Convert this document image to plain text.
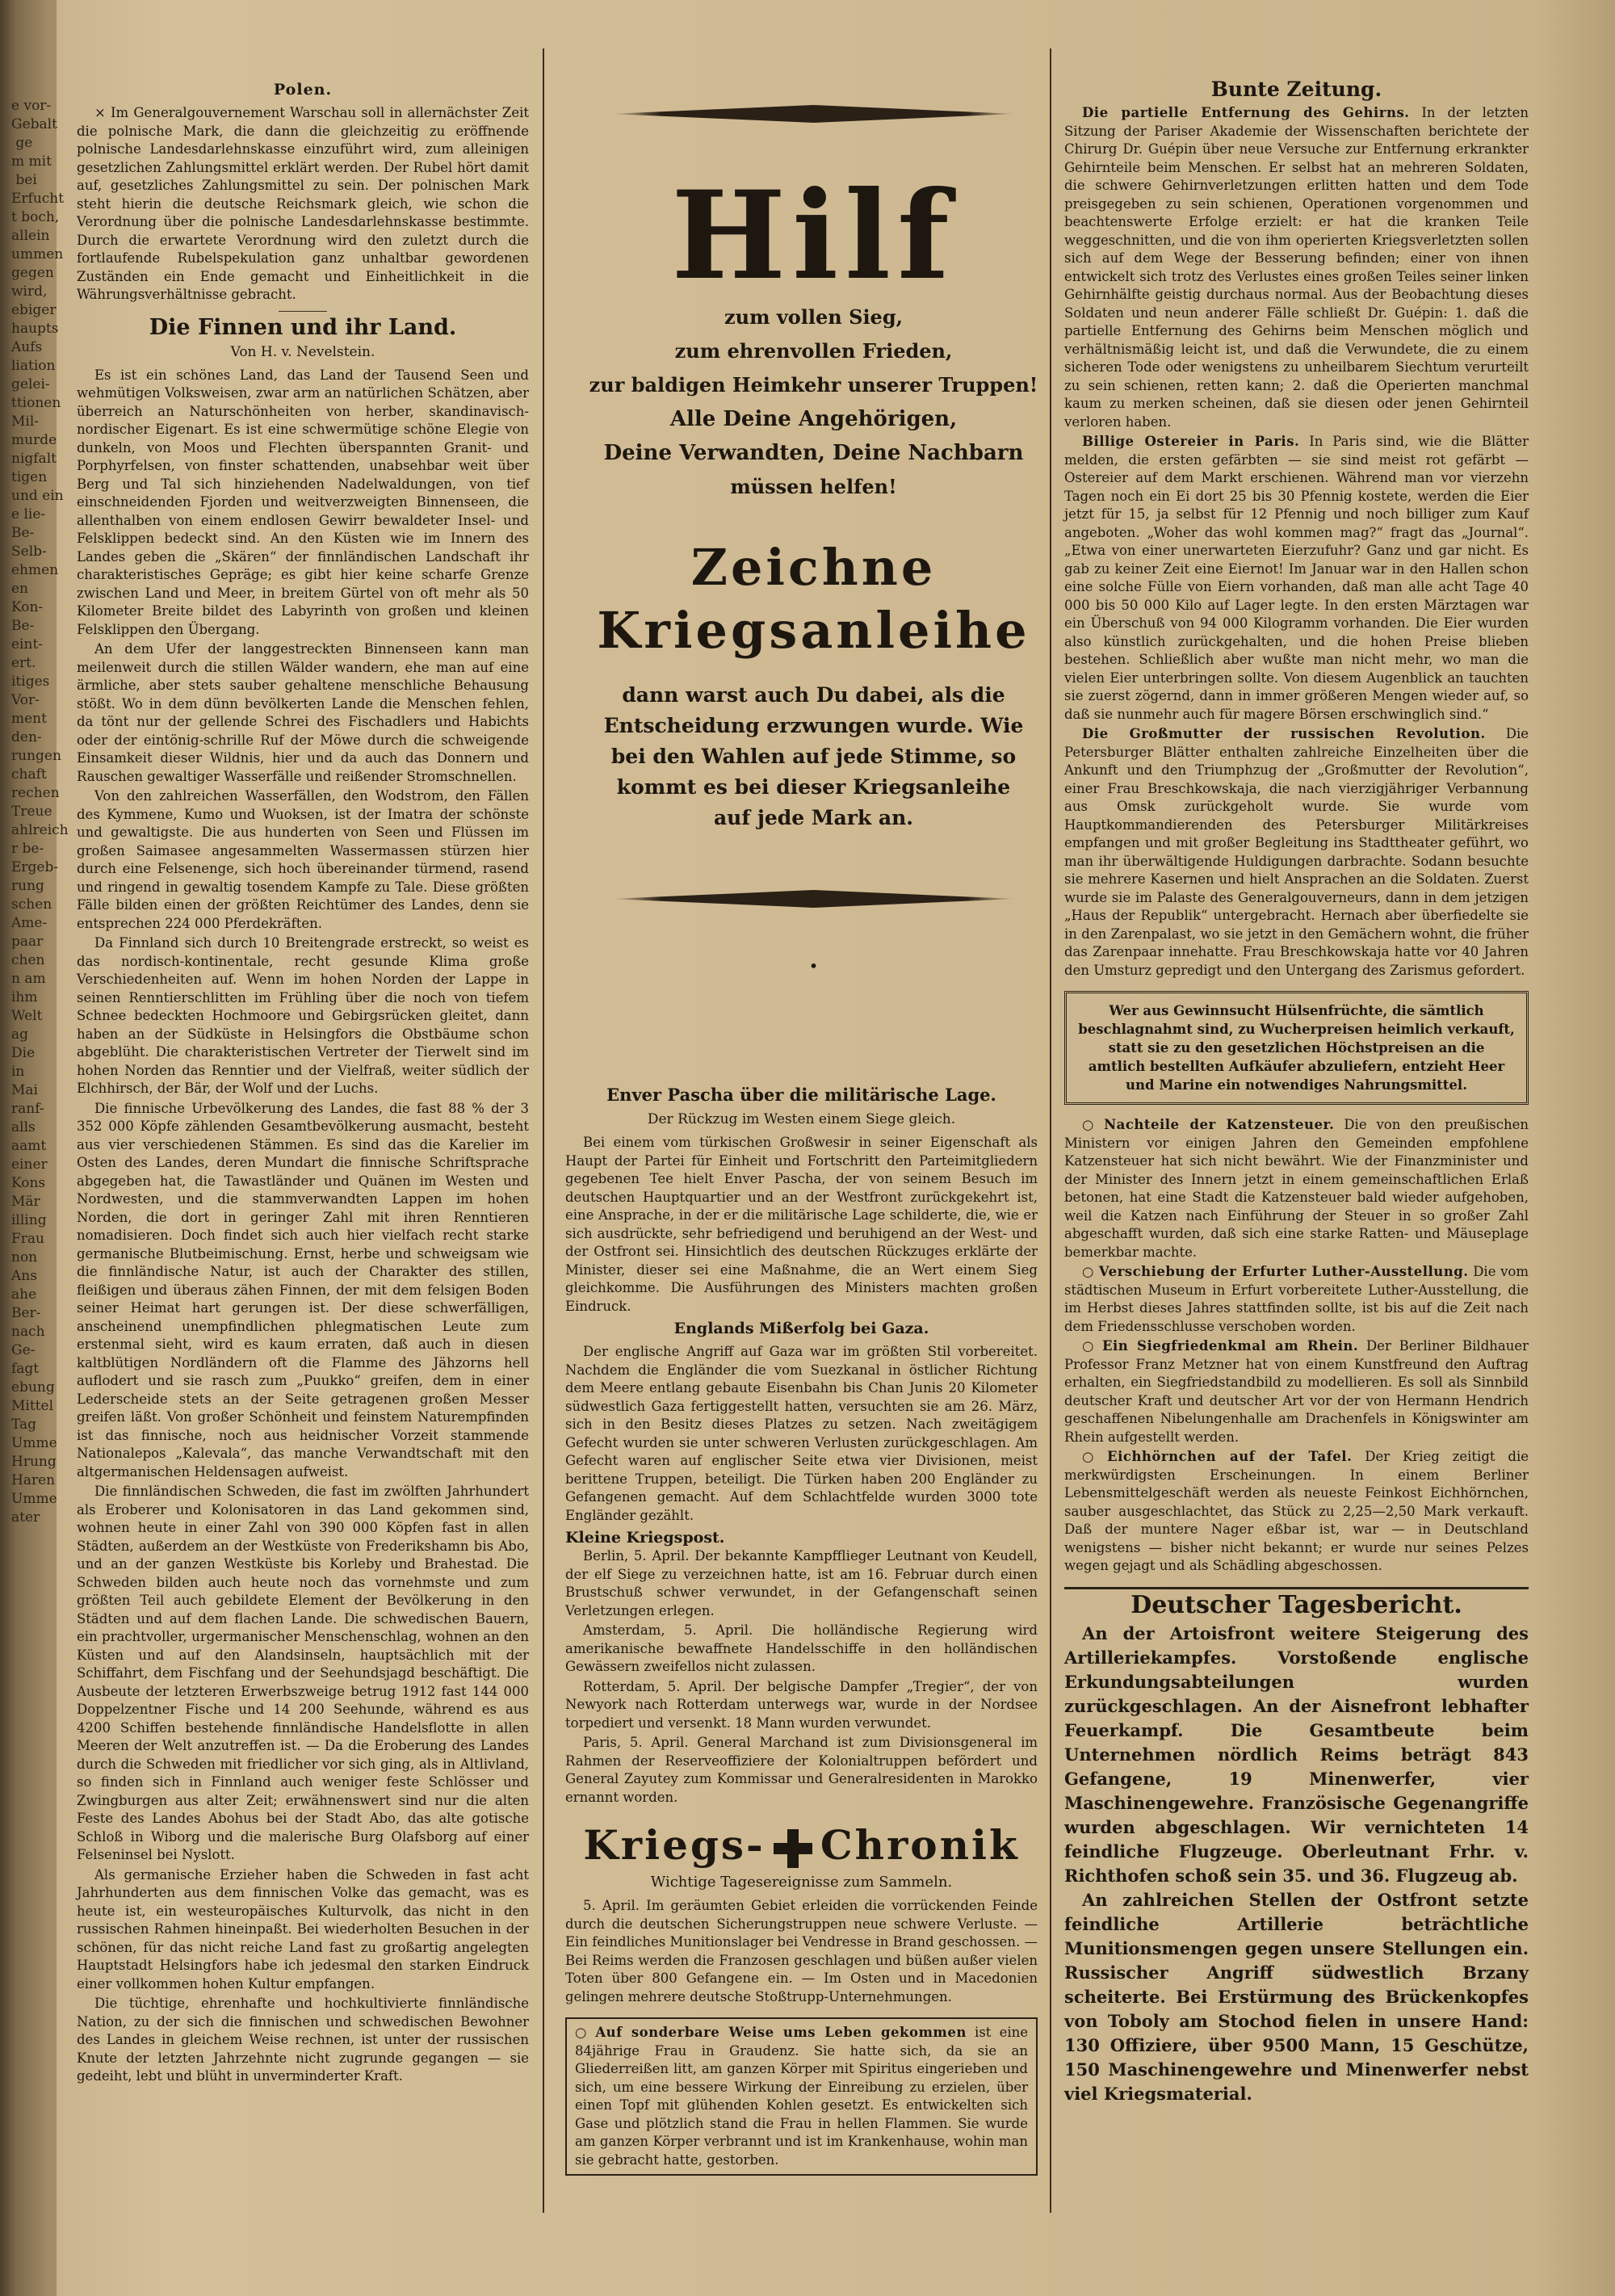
e vor-
Gebalt
ge
m mit
bei
Erfucht
t boch,
allein
ummen
gegen
wird,
ebiger
haupts
Aufs
liation
gelei-
ttionen
Mil-
murde
nigfalt
tigen
und ein
e lie-
Be-
Selb-
ehmen
en
Kon-
Be-
eint-
ert.
itiges
Vor-
ment
den-
rungen
chaft
rechen
Treue
ahlreich
r be-
Ergeb-
rung
schen
Ame-
paar
chen
n am
ihm
Welt
ag
Die
in
Mai
ranf-
alls
aamt
einer
Kons
Mär
illing
Frau
non
Ans
ahe
Ber-
nach
Ge-
fagt
ebung
Mittel
Tag
Umme
Hrung
Haren
Umme
ater
Polen.

× Im Generalgouvernement Warschau soll in allernächster Zeit die polnische Mark, die dann die gleichzeitig zu eröffnende polnische Landesdarlehnskasse einzuführt wird, zum alleinigen gesetzlichen Zahlungsmittel erklärt werden. Der Rubel hört damit auf, gesetzliches Zahlungsmittel zu sein. Der polnischen Mark steht hierin die deutsche Reichsmark gleich, wie schon die Verordnung über die polnische Landesdarlehnskasse bestimmte. Durch die erwartete Verordnung wird den zuletzt durch die fortlaufende Rubelspekulation ganz unhaltbar gewordenen Zuständen ein Ende gemacht und Einheitlichkeit in die Währungsverhältnisse gebracht.

Die Finnen und ihr Land.
Von H. v. Nevelstein.

Es ist ein schönes Land, das Land der Tausend Seen und wehmütigen Volksweisen, zwar arm an natürlichen Schätzen, aber überreich an Naturschönheiten von herber, skandinavisch-nordischer Eigenart. Es ist eine schwermütige schöne Elegie von dunkeln, von Moos und Flechten überspannten Granit- und Porphyrfelsen, von finster schattenden, unabsehbar weit über Berg und Tal sich hinziehenden Nadelwaldungen, von tief einschneidenden Fjorden und weitverzweigten Binnenseen, die allenthalben von einem endlosen Gewirr bewaldeter Insel- und Felsklippen bedeckt sind. An den Küsten wie im Innern des Landes geben die „Skären“ der finnländischen Landschaft ihr charakteristisches Gepräge; es gibt hier keine scharfe Grenze zwischen Land und Meer, in breitem Gürtel von oft mehr als 50 Kilometer Breite bildet des Labyrinth von großen und kleinen Felsklippen den Übergang.

An dem Ufer der langgestreckten Binnenseen kann man meilenweit durch die stillen Wälder wandern, ehe man auf eine ärmliche, aber stets sauber gehaltene menschliche Behausung stößt. Wo in dem dünn bevölkerten Lande die Menschen fehlen, da tönt nur der gellende Schrei des Fischadlers und Habichts oder der eintönig-schrille Ruf der Möwe durch die schweigende Einsamkeit dieser Wildnis, hier und da auch das Donnern und Rauschen gewaltiger Wasserfälle und reißender Stromschnellen.

Von den zahlreichen Wasserfällen, den Wodstrom, den Fällen des Kymmene, Kumo und Wuoksen, ist der Imatra der schönste und gewaltigste. Die aus hunderten von Seen und Flüssen im großen Saimasee angesammelten Wassermassen stürzen hier durch eine Felsenenge, sich hoch übereinander türmend, rasend und ringend in gewaltig tosendem Kampfe zu Tale. Diese größten Fälle bilden einen der größten Reichtümer des Landes, denn sie entsprechen 224 000 Pferdekräften.

Da Finnland sich durch 10 Breitengrade erstreckt, so weist es das nordisch-kontinentale, recht gesunde Klima große Verschiedenheiten auf. Wenn im hohen Norden der Lappe in seinen Renntierschlitten im Frühling über die noch von tiefem Schnee bedeckten Hochmoore und Gebirgsrücken gleitet, dann haben an der Südküste in Helsingfors die Obstbäume schon abgeblüht. Die charakteristischen Vertreter der Tierwelt sind im hohen Norden das Renntier und der Vielfraß, weiter südlich der Elchhirsch, der Bär, der Wolf und der Luchs.

Die finnische Urbevölkerung des Landes, die fast 88 % der 3 352 000 Köpfe zählenden Gesamtbevölkerung ausmacht, besteht aus vier verschiedenen Stämmen. Es sind das die Karelier im Osten des Landes, deren Mundart die finnische Schriftsprache abgegeben hat, die Tawastländer und Quänen im Westen und Nordwesten, und die stammverwandten Lappen im hohen Norden, die dort in geringer Zahl mit ihren Renntieren nomadisieren. Doch findet sich auch hier vielfach recht starke germanische Blutbeimischung. Ernst, herbe und schweigsam wie die finnländische Natur, ist auch der Charakter des stillen, fleißigen und überaus zähen Finnen, der mit dem felsigen Boden seiner Heimat hart gerungen ist. Der diese schwerfälligen, anscheinend unempfindlichen phlegmatischen Leute zum erstenmal sieht, wird es kaum erraten, daß auch in diesen kaltblütigen Nordländern oft die Flamme des Jähzorns hell auflodert und sie rasch zum „Puukko“ greifen, dem in einer Lederscheide stets an der Seite getragenen großen Messer greifen läßt. Von großer Schönheit und feinstem Naturempfinden ist das finnische, noch aus heidnischer Vorzeit stammende Nationalepos „Kalevala“, das manche Verwandtschaft mit den altgermanischen Heldensagen aufweist.

Die finnländischen Schweden, die fast im zwölften Jahrhundert als Eroberer und Kolonisatoren in das Land gekommen sind, wohnen heute in einer Zahl von 390 000 Köpfen fast in allen Städten, außerdem an der Westküste von Frederikshamn bis Abo, und an der ganzen Westküste bis Korleby und Brahestad. Die Schweden bilden auch heute noch das vornehmste und zum größten Teil auch gebildete Element der Bevölkerung in den Städten und auf dem flachen Lande. Die schwedischen Bauern, ein prachtvoller, urgermanischer Menschenschlag, wohnen an den Küsten und auf den Alandsinseln, hauptsächlich mit der Schiffahrt, dem Fischfang und der Seehundsjagd beschäftigt. Die Ausbeute der letzteren Erwerbszweige betrug 1912 fast 144 000 Doppelzentner Fische und 14 200 Seehunde, während es aus 4200 Schiffen bestehende finnländische Handelsflotte in allen Meeren der Welt anzutreffen ist. — Da die Eroberung des Landes durch die Schweden mit friedlicher vor sich ging, als in Altlivland, so finden sich in Finnland auch weniger feste Schlösser und Zwingburgen aus alter Zeit; erwähnenswert sind nur die alten Feste des Landes Abohus bei der Stadt Abo, das alte gotische Schloß in Wiborg und die malerische Burg Olafsborg auf einer Felseninsel bei Nyslott.

Als germanische Erzieher haben die Schweden in fast acht Jahrhunderten aus dem finnischen Volke das gemacht, was es heute ist, ein westeuropäisches Kulturvolk, das nicht in den russischen Rahmen hineinpaßt. Bei wiederholten Besuchen in der schönen, für das nicht reiche Land fast zu großartig angelegten Hauptstadt Helsingfors habe ich jedesmal den starken Eindruck einer vollkommen hohen Kultur empfangen.

Die tüchtige, ehrenhafte und hochkultivierte finnländische Nation, zu der sich die finnischen und schwedischen Bewohner des Landes in gleichem Weise rechnen, ist unter der russischen Knute der letzten Jahrzehnte nicht zugrunde gegangen — sie gedeiht, lebt und blüht in unverminderter Kraft.

Hilf
zum vollen Sieg,
zum ehrenvollen Frieden,
zur baldigen Heimkehr unserer Truppen!
Alle Deine Angehörigen,
Deine Verwandten, Deine Nachbarn
müssen helfen!
Zeichne
Kriegsanleihe
dann warst auch Du dabei, als die Entscheidung erzwungen wurde. Wie bei den Wahlen auf jede Stimme, so kommt es bei dieser Kriegsanleihe auf jede Mark an.
•
Enver Pascha über die militärische Lage.
Der Rückzug im Westen einem Siege gleich.

Bei einem vom türkischen Großwesir in seiner Eigenschaft als Haupt der Partei für Einheit und Fortschritt den Parteimitgliedern gegebenen Tee hielt Enver Pascha, der von seinem Besuch im deutschen Hauptquartier und an der Westfront zurückgekehrt ist, eine Ansprache, in der er die militärische Lage schilderte, die, wie er sich ausdrückte, sehr befriedigend und beruhigend an der West- und der Ostfront sei. Hinsichtlich des deutschen Rückzuges erklärte der Minister, dieser sei eine Maßnahme, die an Wert einem Sieg gleichkomme. Die Ausführungen des Ministers machten großen Eindruck.

Englands Mißerfolg bei Gaza.

Der englische Angriff auf Gaza war im größten Stil vorbereitet. Nachdem die Engländer die vom Suezkanal in östlicher Richtung dem Meere entlang gebaute Eisenbahn bis Chan Junis 20 Kilometer südwestlich Gaza fertiggestellt hatten, versuchten sie am 26. März, sich in den Besitz dieses Platzes zu setzen. Nach zweitägigem Gefecht wurden sie unter schweren Verlusten zurückgeschlagen. Am Gefecht waren auf englischer Seite etwa vier Divisionen, meist berittene Truppen, beteiligt. Die Türken haben 200 Engländer zu Gefangenen gemacht. Auf dem Schlachtfelde wurden 3000 tote Engländer gezählt.

Kleine Kriegspost.

Berlin, 5. April. Der bekannte Kampfflieger Leutnant von Keudell, der elf Siege zu verzeichnen hatte, ist am 16. Februar durch einen Brustschuß schwer verwundet, in der Gefangenschaft seinen Verletzungen erlegen.

Amsterdam, 5. April. Die holländische Regierung wird amerikanische bewaffnete Handelsschiffe in den holländischen Gewässern zweifellos nicht zulassen.

Rotterdam, 5. April. Der belgische Dampfer „Tregier“, der von Newyork nach Rotterdam unterwegs war, wurde in der Nordsee torpediert und versenkt. 18 Mann wurden verwundet.

Paris, 5. April. General Marchand ist zum Divisionsgeneral im Rahmen der Reserveoffiziere der Kolonialtruppen befördert und General Zayutey zum Kommissar und Generalresidenten in Marokko ernannt worden.

Kriegs- Chronik
Wichtige Tagesereignisse zum Sammeln.

5. April. Im geräumten Gebiet erleiden die vorrückenden Feinde durch die deutschen Sicherungstruppen neue schwere Verluste. — Ein feindliches Munitionslager bei Vendresse in Brand geschossen. — Bei Reims werden die Franzosen geschlagen und büßen außer vielen Toten über 800 Gefangene ein. — Im Osten und in Macedonien gelingen mehrere deutsche Stoßtrupp-Unternehmungen.

○ Auf sonderbare Weise ums Leben gekommen ist eine 84jährige Frau in Graudenz. Sie hatte sich, da sie an Gliederreißen litt, am ganzen Körper mit Spiritus eingerieben und sich, um eine bessere Wirkung der Einreibung zu erzielen, über einen Topf mit glühenden Kohlen gesetzt. Es entwickelten sich Gase und plötzlich stand die Frau in hellen Flammen. Sie wurde am ganzen Körper verbrannt und ist im Krankenhause, wohin man sie gebracht hatte, gestorben.
Bunte Zeitung.

Die partielle Entfernung des Gehirns. In der letzten Sitzung der Pariser Akademie der Wissenschaften berichtete der Chirurg Dr. Guépin über neue Versuche zur Entfernung erkrankter Gehirnteile beim Menschen. Er selbst hat an mehreren Soldaten, die schwere Gehirnverletzungen erlitten hatten und dem Tode preisgegeben zu sein schienen, Operationen vorgenommen und beachtenswerte Erfolge erzielt: er hat die kranken Teile weggeschnitten, und die von ihm operierten Kriegsverletzten sollen sich auf dem Wege der Besserung befinden; einer von ihnen entwickelt sich trotz des Verlustes eines großen Teiles seiner linken Gehirnhälfte geistig durchaus normal. Aus der Beobachtung dieses Soldaten und neun anderer Fälle schließt Dr. Guépin: 1. daß die partielle Entfernung des Gehirns beim Menschen möglich und verhältnismäßig leicht ist, und daß die Verwundete, die zu einem sicheren Tode oder wenigstens zu unheilbarem Siechtum verurteilt zu sein schienen, retten kann; 2. daß die Operierten manchmal kaum zu merken scheinen, daß sie diesen oder jenen Gehirnteil verloren haben.

Billige Ostereier in Paris. In Paris sind, wie die Blätter melden, die ersten gefärbten — sie sind meist rot gefärbt — Ostereier auf dem Markt erschienen. Während man vor vierzehn Tagen noch ein Ei dort 25 bis 30 Pfennig kostete, werden die Eier jetzt für 15, ja selbst für 12 Pfennig und noch billiger zum Kauf angeboten. „Woher das wohl kommen mag?“ fragt das „Journal“. „Etwa von einer unerwarteten Eierzufuhr? Ganz und gar nicht. Es gab zu keiner Zeit eine Eiernot! Im Januar war in den Hallen schon eine solche Fülle von Eiern vorhanden, daß man alle acht Tage 40 000 bis 50 000 Kilo auf Lager legte. In den ersten Märztagen war ein Überschuß von 94 000 Kilogramm vorhanden. Die Eier wurden also künstlich zurückgehalten, und die hohen Preise blieben bestehen. Schließlich aber wußte man nicht mehr, wo man die vielen Eier unterbringen sollte. Von diesem Augenblick an tauchten sie zuerst zögernd, dann in immer größeren Mengen wieder auf, so daß sie nunmehr auch für magere Börsen erschwinglich sind.“

Die Großmutter der russischen Revolution. Die Petersburger Blätter enthalten zahlreiche Einzelheiten über die Ankunft und den Triumphzug der „Großmutter der Revolution“, einer Frau Breschkowskaja, die nach vierzigjähriger Verbannung aus Omsk zurückgeholt wurde. Sie wurde vom Hauptkommandierenden des Petersburger Militärkreises empfangen und mit großer Begleitung ins Stadttheater geführt, wo man ihr überwältigende Huldigungen darbrachte. Sodann besuchte sie mehrere Kasernen und hielt Ansprachen an die Soldaten. Zuerst wurde sie im Palaste des Generalgouverneurs, dann in dem jetzigen „Haus der Republik“ untergebracht. Hernach aber überfiedelte sie in den Zarenpalast, wo sie jetzt in den Gemächern wohnt, die früher das Zarenpaar innehatte. Frau Breschkowskaja hatte vor 40 Jahren den Umsturz gepredigt und den Untergang des Zarismus gefordert.

Wer aus Gewinnsucht Hülsenfrüchte, die sämtlich beschlagnahmt sind, zu Wucherpreisen heimlich verkauft, statt sie zu den gesetzlichen Höchstpreisen an die amtlich bestellten Aufkäufer abzuliefern, entzieht Heer und Marine ein notwendiges Nahrungsmittel.

○ Nachteile der Katzensteuer. Die von den preußischen Ministern vor einigen Jahren den Gemeinden empfohlene Katzensteuer hat sich nicht bewährt. Wie der Finanzminister und der Minister des Innern jetzt in einem gemeinschaftlichen Erlaß betonen, hat eine Stadt die Katzensteuer bald wieder aufgehoben, weil die Katzen nach Einführung der Steuer in so großer Zahl abgeschafft wurden, daß sich eine starke Ratten- und Mäuseplage bemerkbar machte.

○ Verschiebung der Erfurter Luther-Ausstellung. Die vom städtischen Museum in Erfurt vorbereitete Luther-Ausstellung, die im Herbst dieses Jahres stattfinden sollte, ist bis auf die Zeit nach dem Friedensschlusse verschoben worden.

○ Ein Siegfriedenkmal am Rhein. Der Berliner Bildhauer Professor Franz Metzner hat von einem Kunstfreund den Auftrag erhalten, ein Siegfriedstandbild zu modellieren. Es soll als Sinnbild deutscher Kraft und deutscher Art vor der von Hermann Hendrich geschaffenen Nibelungenhalle am Drachenfels in Königswinter am Rhein aufgestellt werden.

○ Eichhörnchen auf der Tafel. Der Krieg zeitigt die merkwürdigsten Erscheinungen. In einem Berliner Lebensmittelgeschäft werden als neueste Feinkost Eichhörnchen, sauber ausgeschlachtet, das Stück zu 2,25—2,50 Mark verkauft. Daß der muntere Nager eßbar ist, war — in Deutschland wenigstens — bisher nicht bekannt; er wurde nur seines Pelzes wegen gejagt und als Schädling abgeschossen.

Deutscher Tagesbericht.

An der Artoisfront weitere Steigerung des Artilleriekampfes. Vorstoßende englische Erkundungsabteilungen wurden zurückgeschlagen. An der Aisnefront lebhafter Feuerkampf. Die Gesamtbeute beim Unternehmen nördlich Reims beträgt 843 Gefangene, 19 Minenwerfer, vier Maschinengewehre. Französische Gegenangriffe wurden abgeschlagen. Wir vernichteten 14 feindliche Flugzeuge. Oberleutnant Frhr. v. Richthofen schoß sein 35. und 36. Flugzeug ab.

An zahlreichen Stellen der Ostfront setzte feindliche Artillerie beträchtliche Munitionsmengen gegen unsere Stellungen ein. Russischer Angriff südwestlich Brzany scheiterte. Bei Erstürmung des Brückenkopfes von Toboly am Stochod fielen in unsere Hand: 130 Offiziere, über 9500 Mann, 15 Geschütze, 150 Maschinengewehre und Minenwerfer nebst viel Kriegsmaterial.
